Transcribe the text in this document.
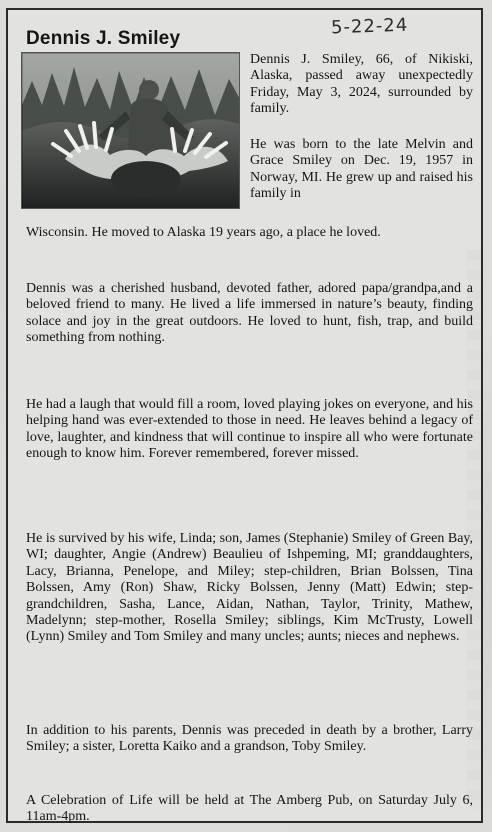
5-22-24
Dennis J. Smiley

Dennis J. Smiley, 66, of Nikiski, Alaska, passed away unexpectedly Friday, May 3, 2024, surrounded by family.

He was born to the late Melvin and Grace Smiley on Dec. 19, 1957 in Norway, MI. He grew up and raised his family in

Wisconsin. He moved to Alaska 19 years ago, a place he loved.

Dennis was a cherished husband, devoted father, adored papa/grandpa,and a beloved friend to many. He lived a life immersed in nature’s beauty, finding solace and joy in the great outdoors. He loved to hunt, fish, trap, and build something from nothing.

He had a laugh that would fill a room, loved playing jokes on everyone, and his helping hand was ever-extended to those in need. He leaves behind a legacy of love, laughter, and kindness that will continue to inspire all who were fortunate enough to know him. Forever remembered, forever missed.

He is survived by his wife, Linda; son, James (Stephanie) Smiley of Green Bay, WI; daughter, Angie (Andrew) Beaulieu of Ishpeming, MI; granddaughters, Lacy, Brianna, Penelope, and Miley; step-children, Brian Bolssen, Tina Bolssen, Amy (Ron) Shaw, Ricky Bolssen, Jenny (Matt) Edwin; step-grandchildren, Sasha, Lance, Aidan, Nathan, Taylor, Trinity, Mathew, Madelynn; step-mother, Rosella Smiley; siblings, Kim McTrusty, Lowell (Lynn) Smiley and Tom Smiley and many uncles; aunts; nieces and nephews.

In addition to his parents, Dennis was preceded in death by a brother, Larry Smiley; a sister, Loretta Kaiko and a grandson, Toby Smiley.

A Celebration of Life will be held at The Amberg Pub, on Saturday July 6, 11am-4pm.
